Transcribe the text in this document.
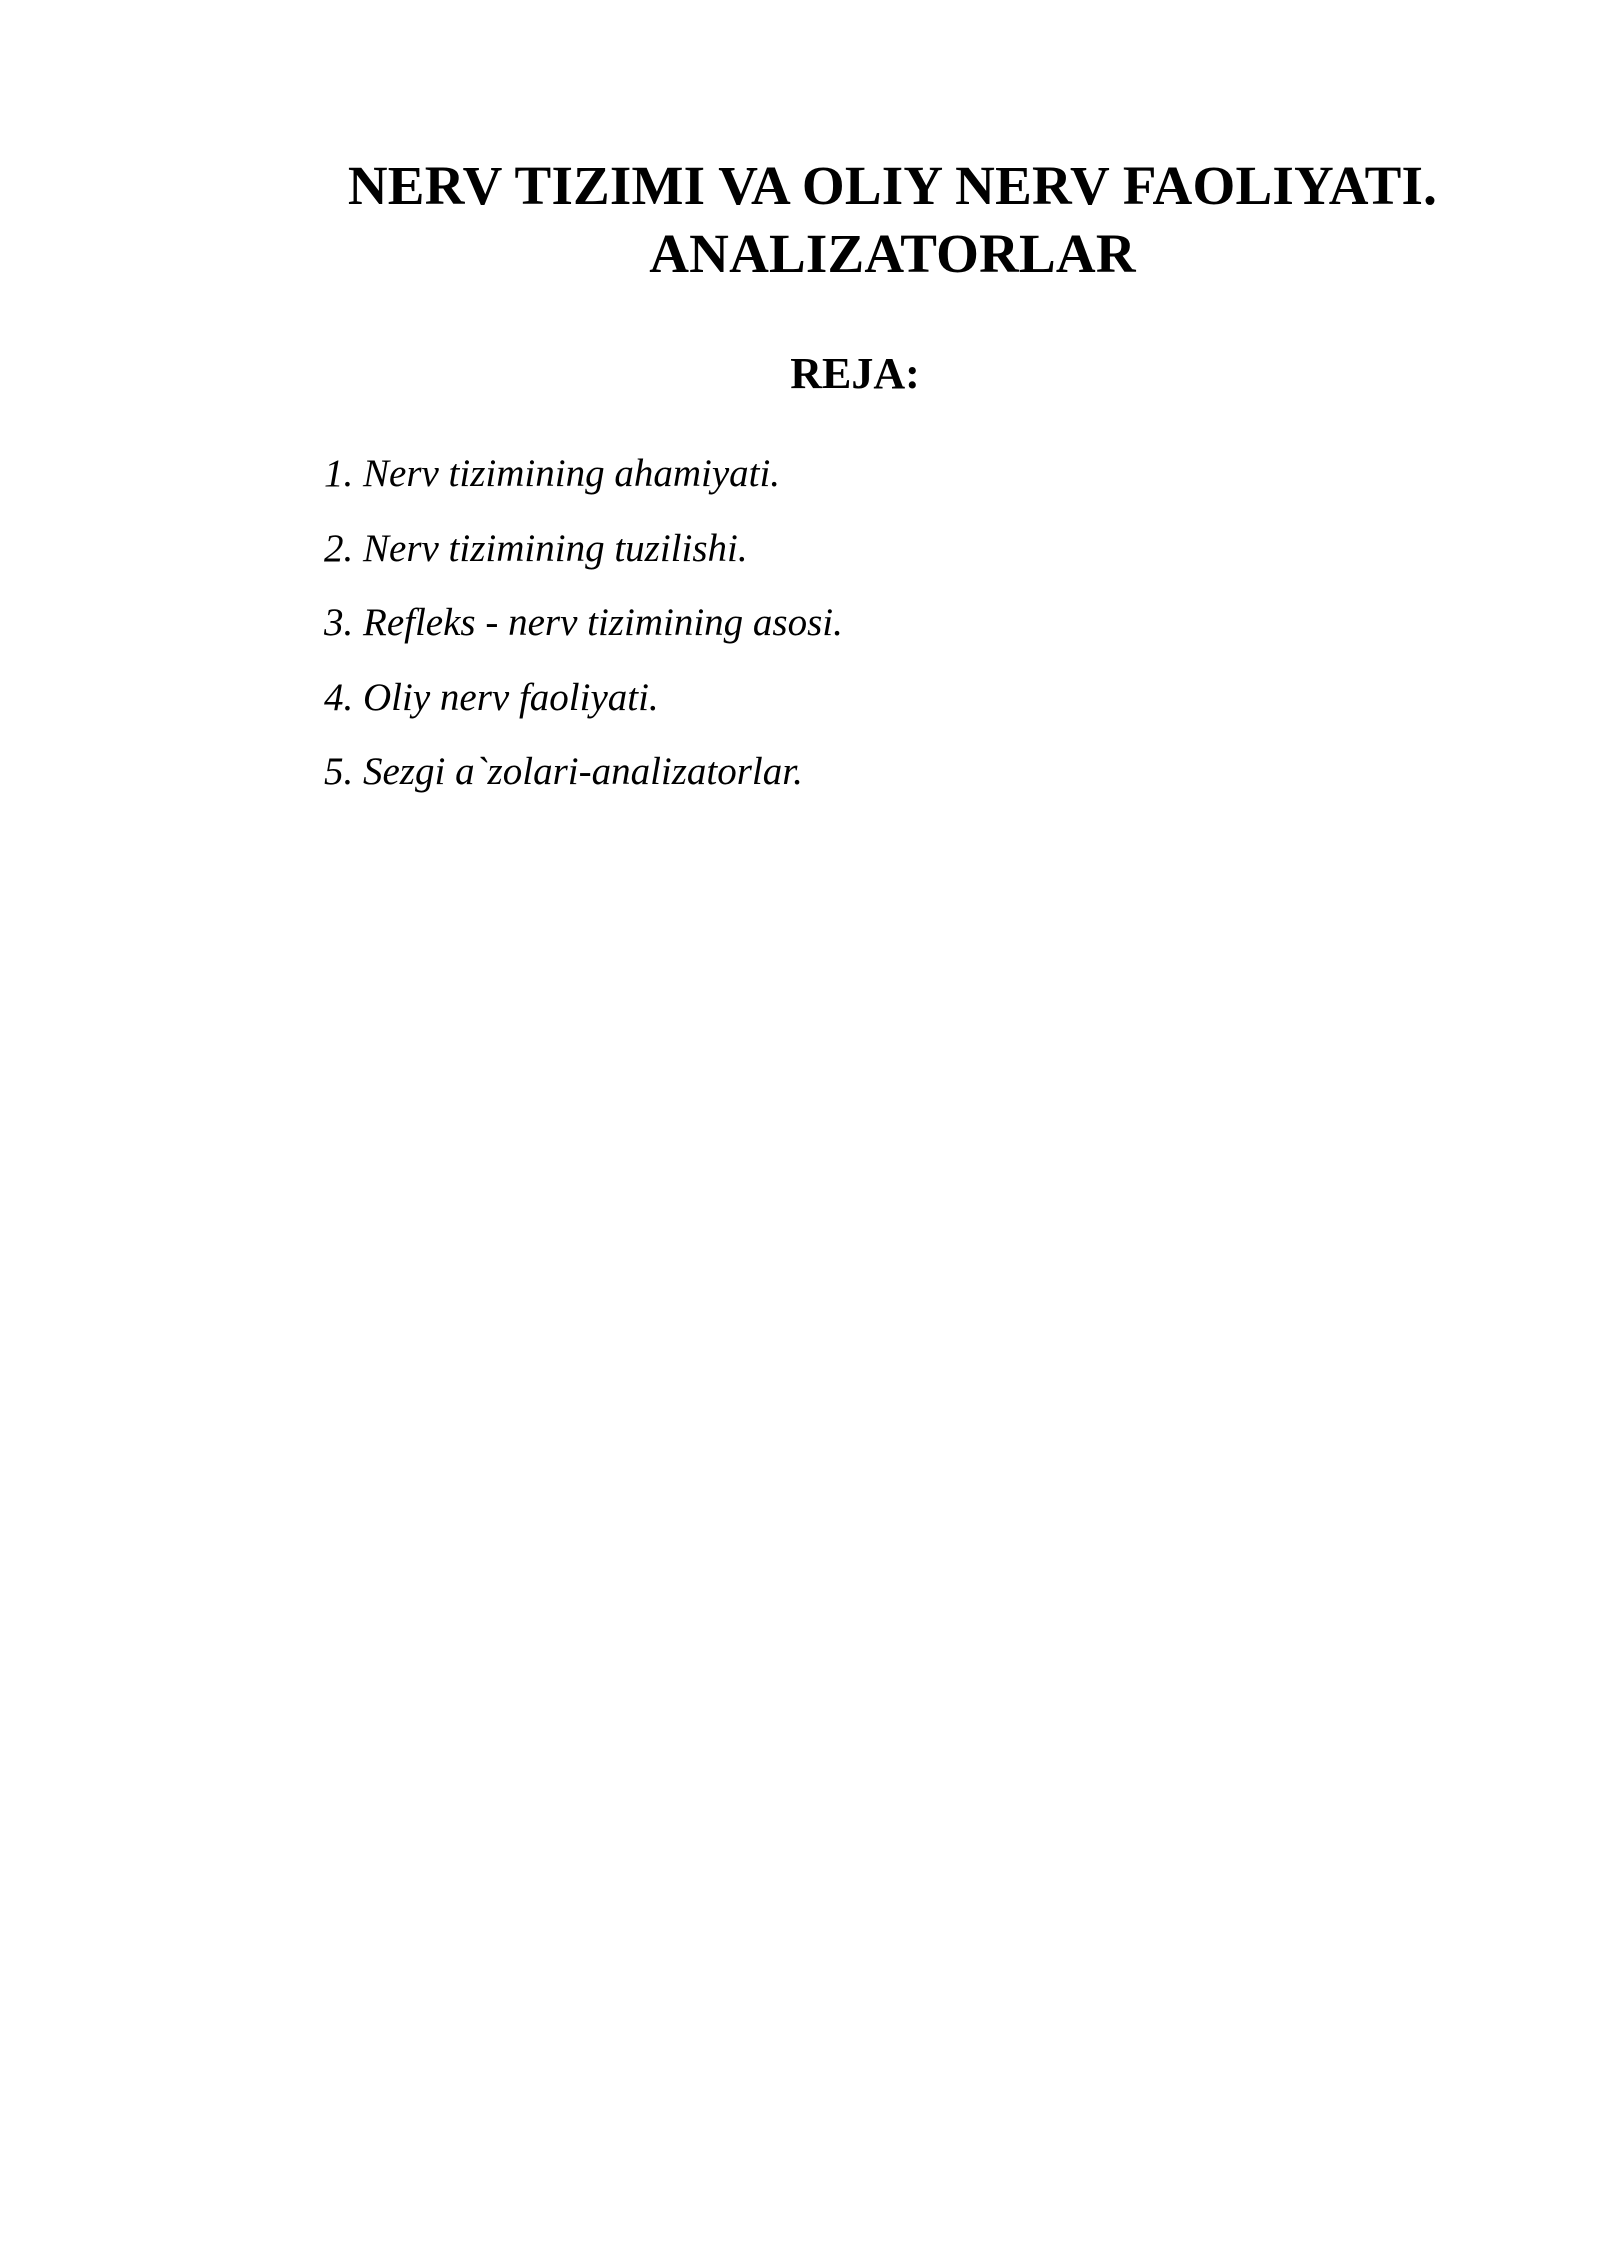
NERV TIZIMI VA OLIY NERV FAOLIYATI.
ANALIZATORLAR
REJA:
1. Nerv tizimining ahamiyati.
2. Nerv tizimining tuzilishi.
3. Refleks - nerv tizimining asosi.
4. Oliy nerv faoliyati.
5. Sezgi a`zolari-analizatorlar.
